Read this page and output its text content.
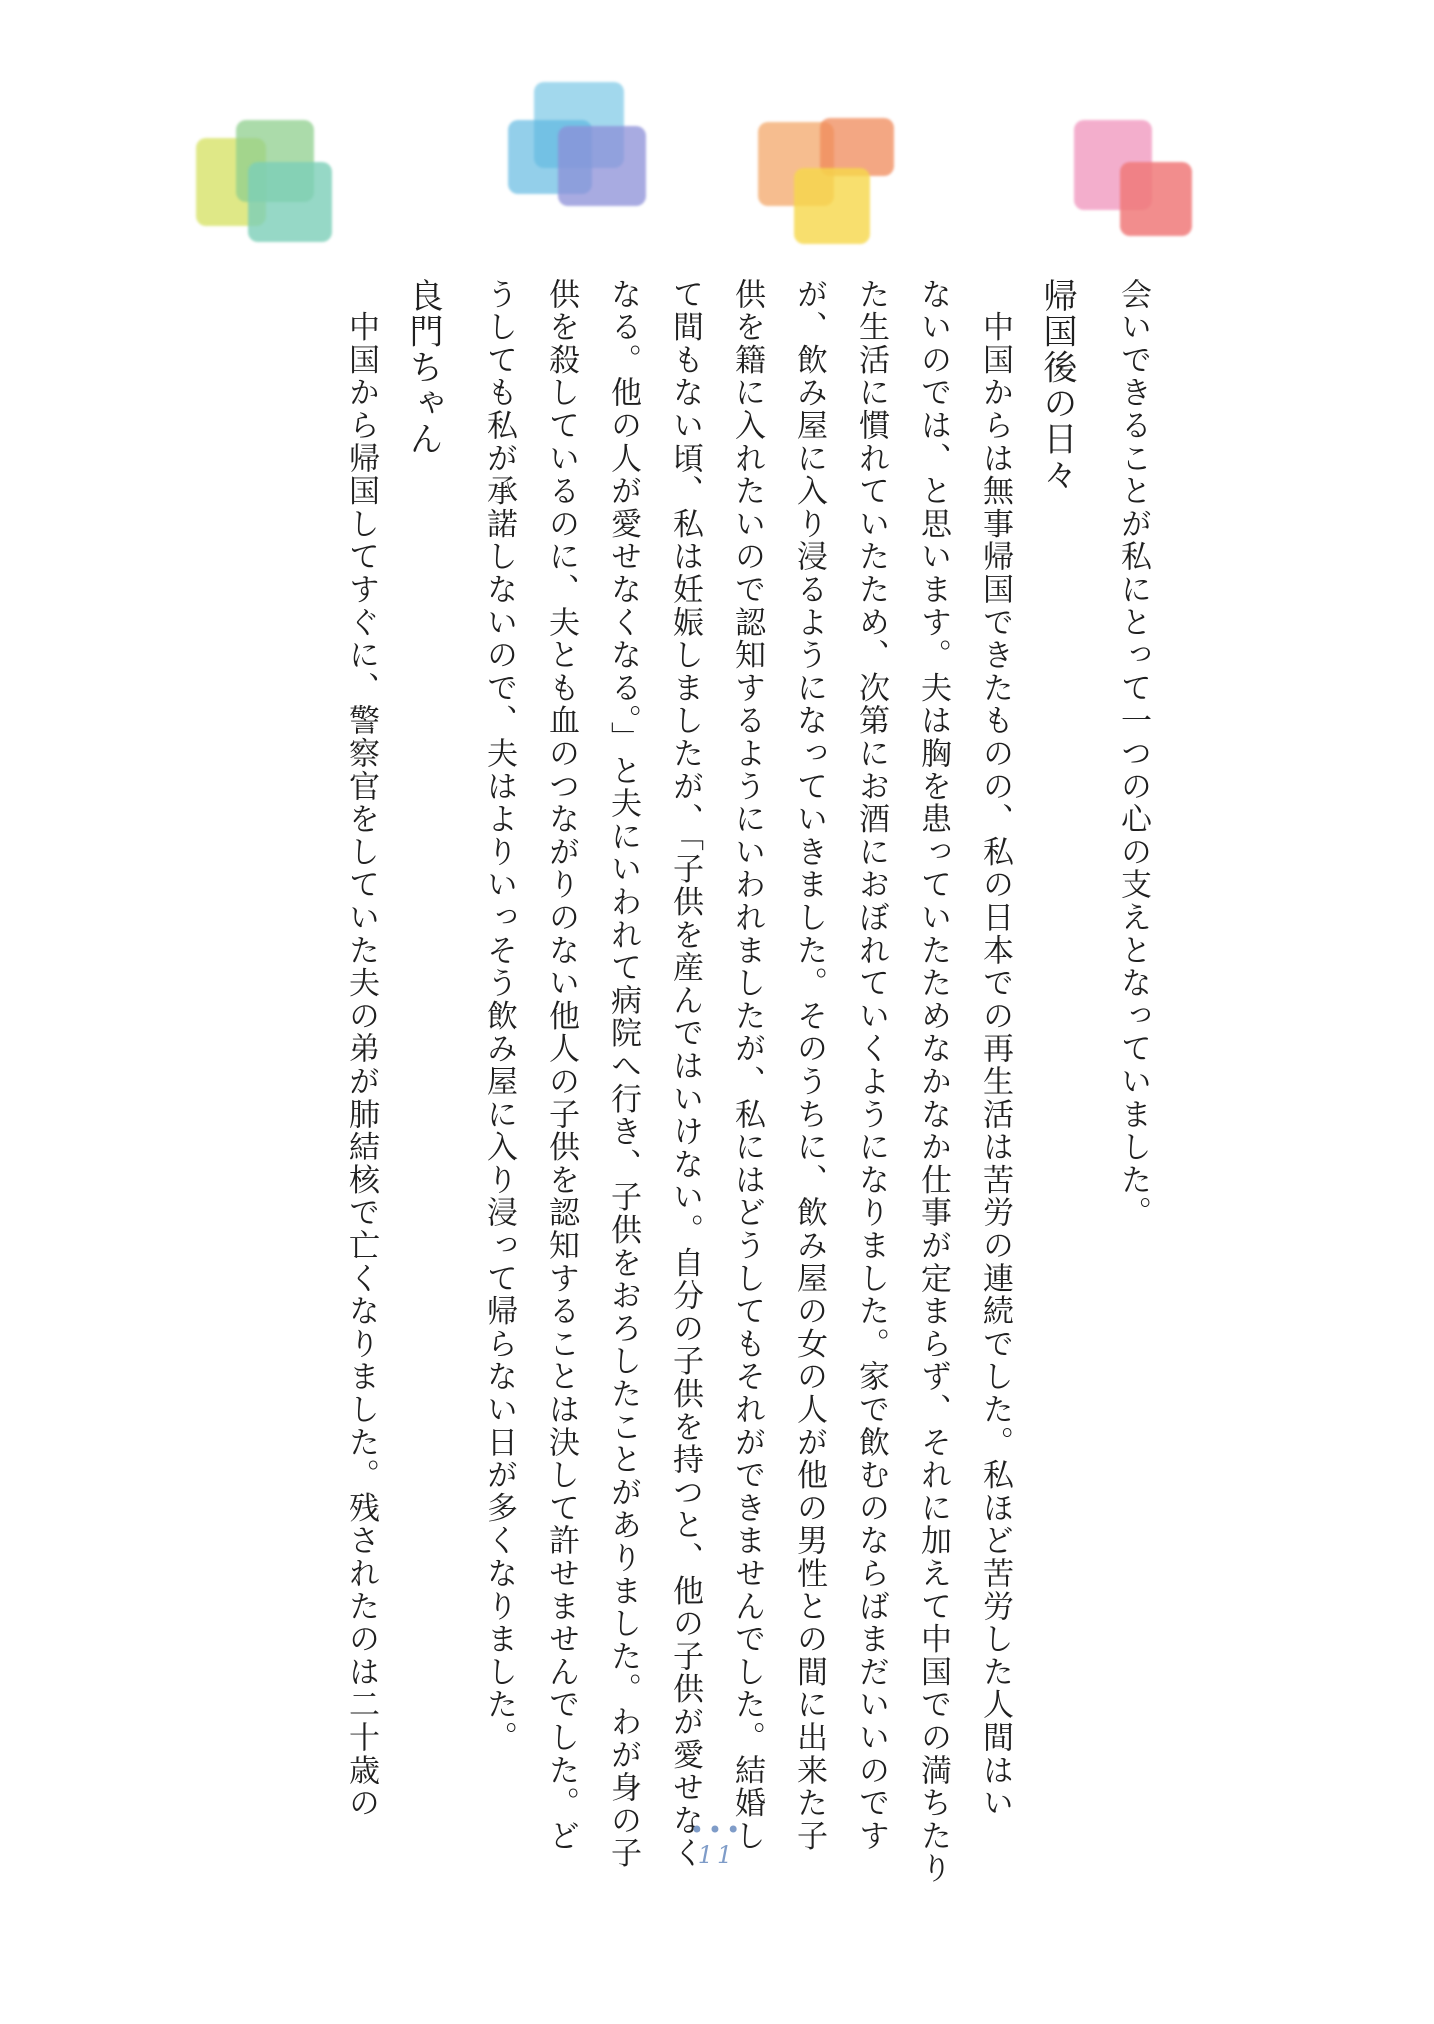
会いできることが私にとって一つの心の支えとなっていました。
帰国後の日々
　中国からは無事帰国できたものの、私の日本での再生活は苦労の連続でした。私ほど苦労した人間はい
ないのでは、と思います。夫は胸を患っていたためなかなか仕事が定まらず、それに加えて中国での満ちたり
た生活に慣れていたため、次第にお酒におぼれていくようになりました。家で飲むのならばまだいいのです
が、飲み屋に入り浸るようになっていきました。そのうちに、飲み屋の女の人が他の男性との間に出来た子
供を籍に入れたいので認知するようにいわれましたが、私にはどうしてもそれができませんでした。結婚し
て間もない頃、私は妊娠しましたが、「子供を産んではいけない。自分の子供を持つと、他の子供が愛せなく
なる。他の人が愛せなくなる。」と夫にいわれて病院へ行き、子供をおろしたことがありました。わが身の子
供を殺しているのに、夫とも血のつながりのない他人の子供を認知することは決して許せませんでした。ど
うしても私が承諾しないので、夫はよりいっそう飲み屋に入り浸って帰らない日が多くなりました。
良門ちゃん
　中国から帰国してすぐに、警察官をしていた夫の弟が肺結核で亡くなりました。残されたのは二十歳の
•••
11
